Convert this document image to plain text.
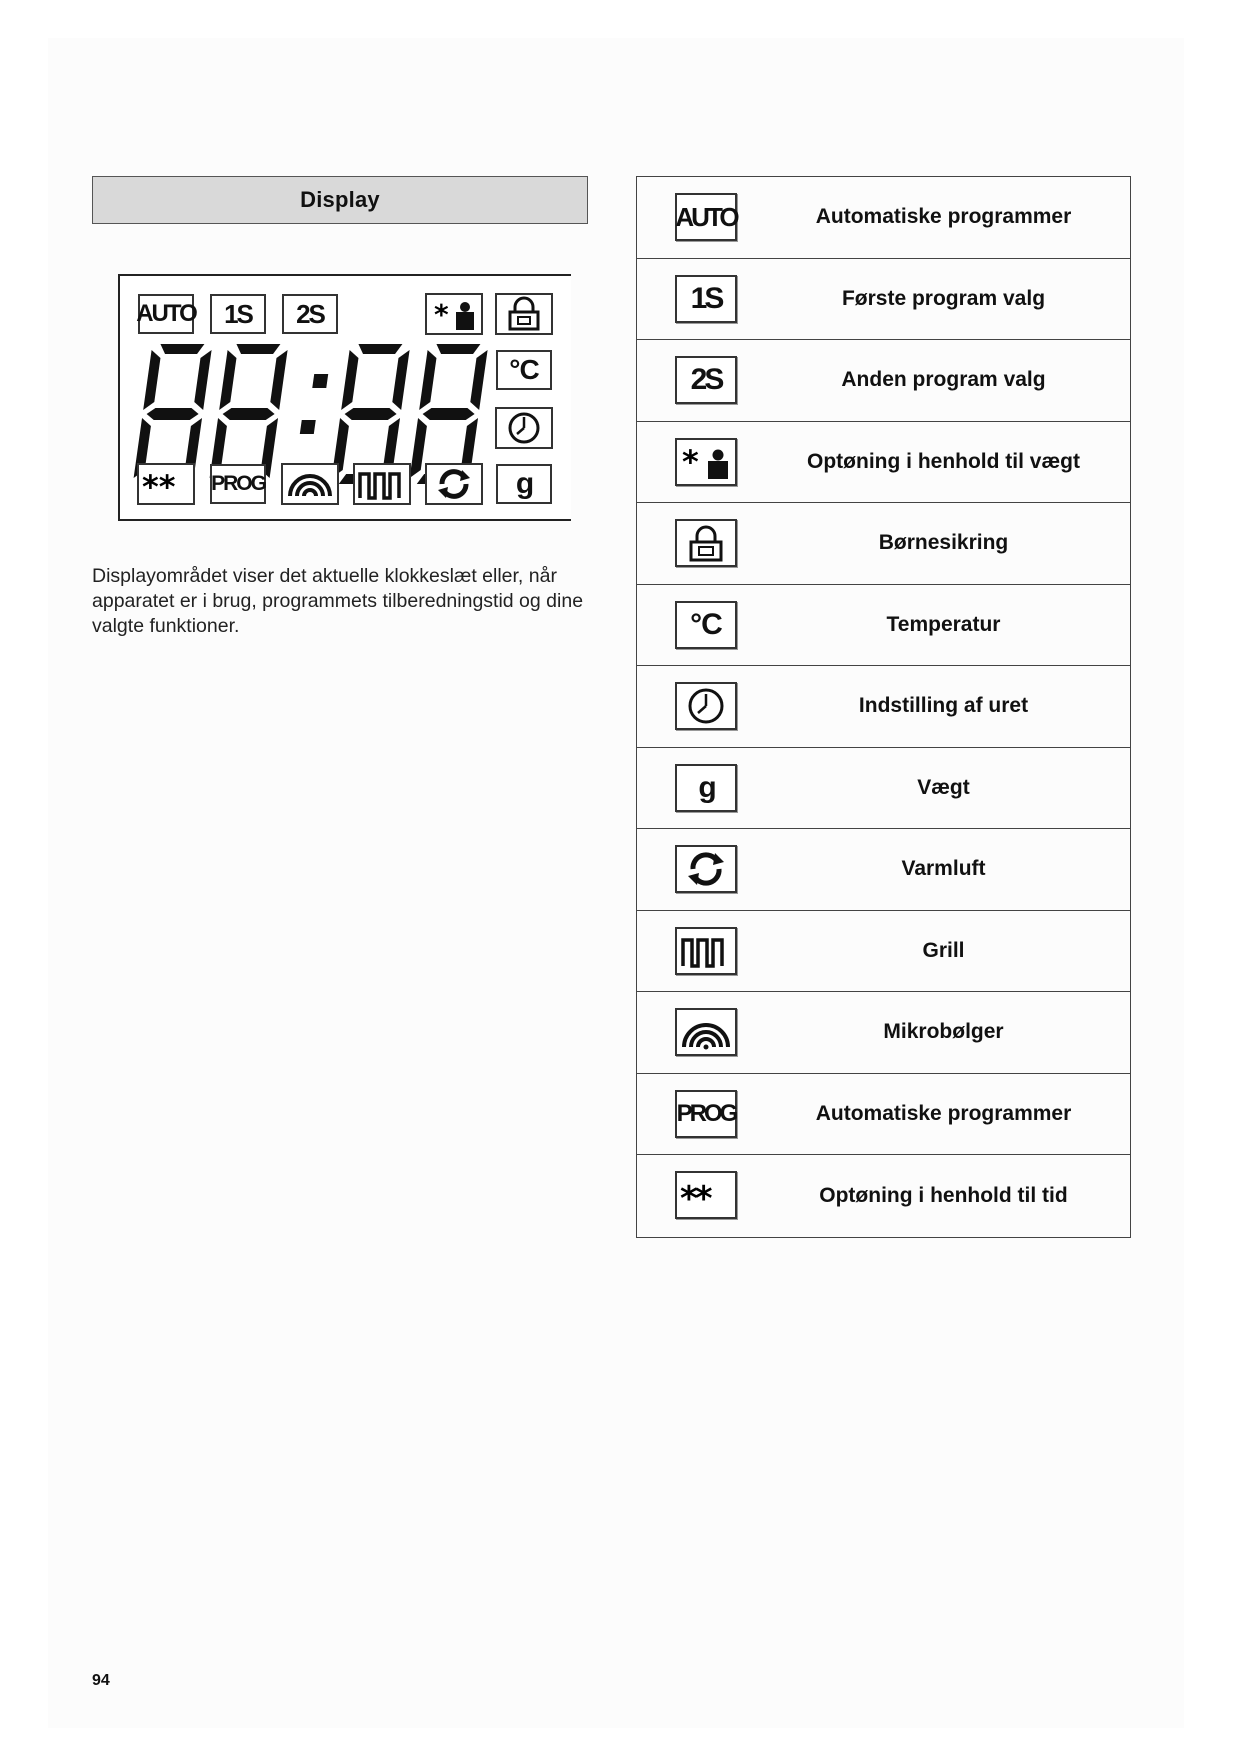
Display
AUTO	1S	2S	*
**
°C
PROG	g
Displayområdet viser det aktuelle klokkeslæt eller, når apparatet er i brug, programmets tilberedningstid og dine valgte funktioner.
AUTO	Automatiske programmer
1S	Første program valg
2S	Anden program valg
*	Optøning i henhold til vægt
Børnesikring
°C	Temperatur
Indstilling af uret
g	Vægt
Varmluft
Grill
Mikrobølger
PROG	Automatiske programmer
**	Optøning i henhold til tid
94
